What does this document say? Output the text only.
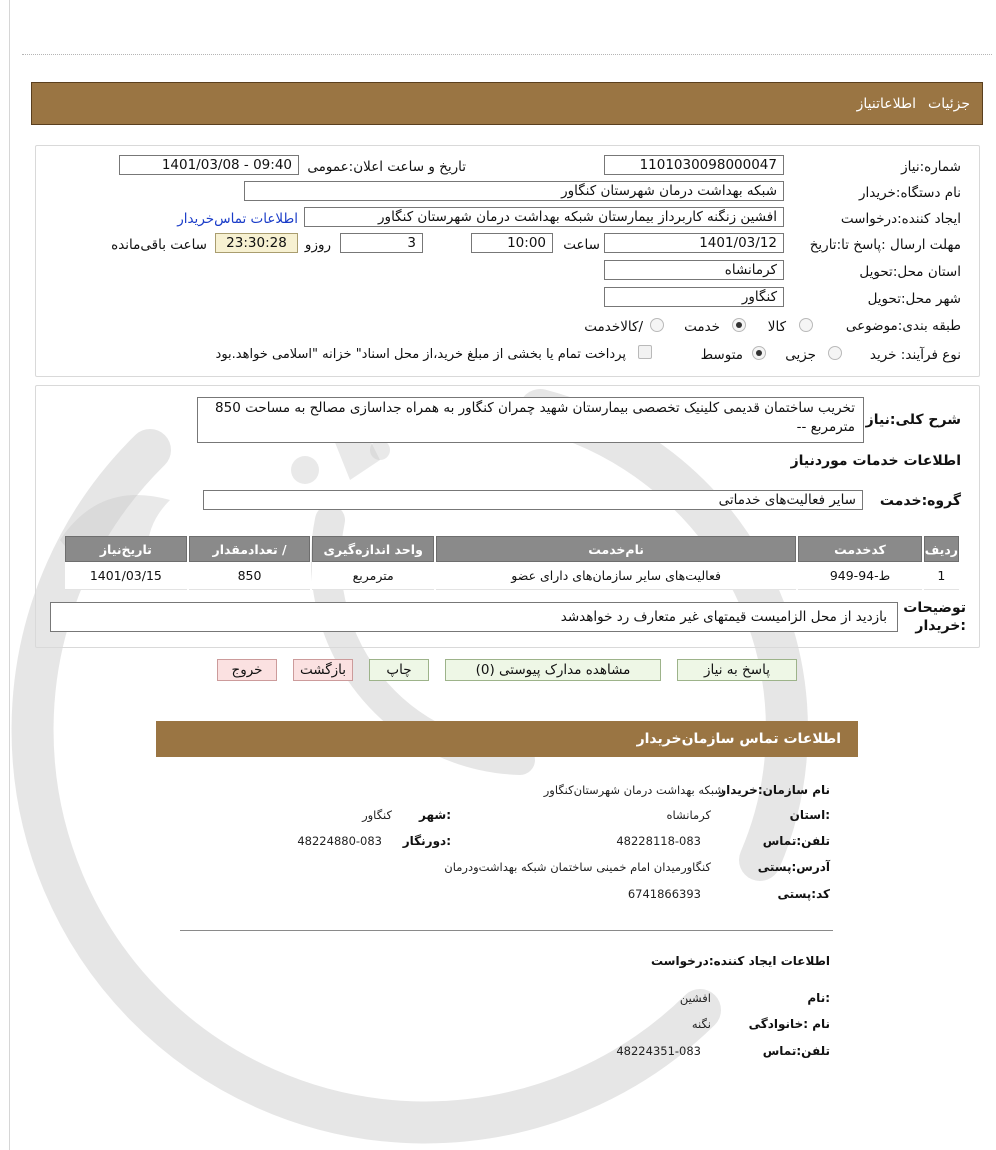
جزئیات
اطلاعاتنیاز
شماره:نیاز
1101030098000047
تاریخ و ساعت اعلان:عمومی
1401/03/08 - 09:40
نام دستگاه:خریدار
شبکه بهداشت درمان شهرستان کنگاور
ایجاد کننده:درخواست
افشین زنگنه کاربرداز بیمارستان شبکه بهداشت درمان شهرستان کنگاور
اطلاعات تماس‌خریدار
مهلت ارسال :پاسخ تا:تاریخ
1401/03/12
ساعت
10:00
3
روزو
23:30:28
ساعت باقی‌مانده
استان محل:تحویل
کرمانشاه
شهر محل:تحویل
کنگاور
طبقه بندی:موضوعی
کالا
خدمت
/کالاخدمت
نوع فرآیند: خرید
جزیی
متوسط
پرداخت تمام یا بخشی از مبلغ خرید،از محل اسناد" خزانه "اسلامی خواهد.بود
شرح کلی:نیاز
تخریب ساختمان قدیمی کلینیک تخصصی بیمارستان شهید چمران کنگاور به همراه جداسازی مصالح به مساحت 850 مترمربع --
اطلاعات خدمات موردنیاز
گروه:خدمت
سایر فعالیت‌های خدماتی
ردیف	کدخدمت	نام‌خدمت	واحد اندازه‌گیری	/ تعدادمقدار	تاریخ‌نیاز
1	ط-94-949	فعالیت‌های سایر سازمان‌های دارای عضو	مترمربع	850	1401/03/15
توضیحات
:خریدار
بازدید از محل الزامیست قیمتهای غیر متعارف رد خواهدشد
پاسخ به نیاز
مشاهده مدارک پیوستی (0)
چاپ
بازگشت
خروج
اطلاعات تماس سازمان‌خریدار
نام سازمان:خریدار
شبکه بهداشت درمان شهرستان‌کنگاور
:استان
کرمانشاه
:شهر
کنگاور
تلفن:تماس
48228118-083
:دورنگار
48224880-083
آدرس:پستی
کنگاورمیدان امام خمینی ساختمان شبکه بهداشت‌ودرمان
کد:پستی
6741866393
اطلاعات ایجاد کننده:درخواست
:نام
افشین
نام :خانوادگی
نگنه
تلفن:تماس
48224351-083
